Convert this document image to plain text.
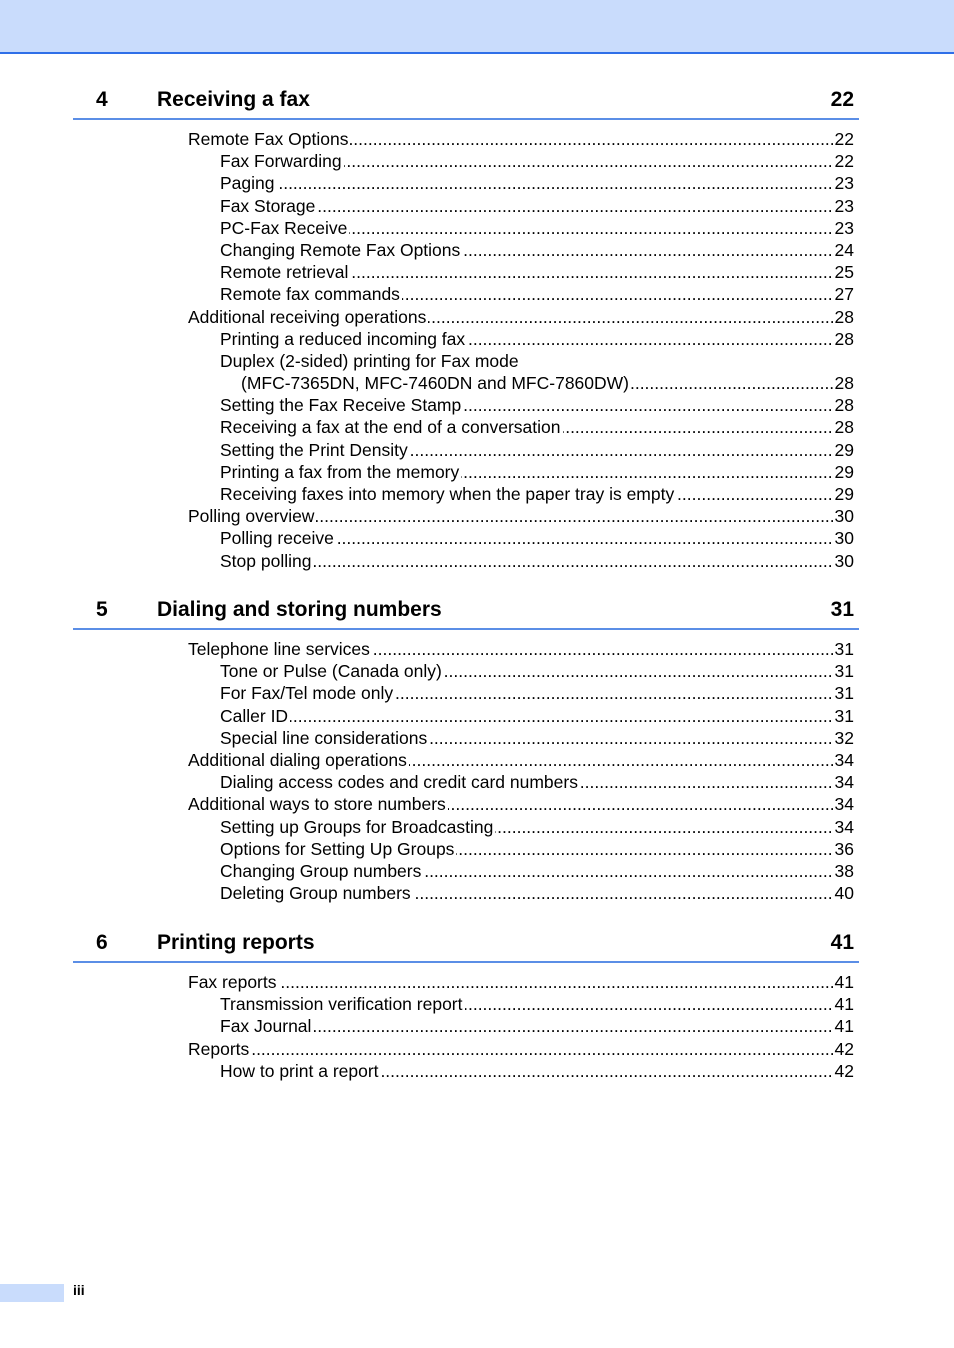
4 Receiving a fax	22
.....
Remote Fax Options	22
.....
Fax Forwarding	22
.....
Paging	23
.....
Fax Storage	23
.....
PC-Fax Receive	23
.....
Changing Remote Fax Options	24
.....
Remote retrieval	25
.....
Remote fax commands	27
.....
Additional receiving operations	28
.....
Printing a reduced incoming fax	28
Duplex (2-sided) printing for Fax mode
.....
(MFC-7365DN, MFC-7460DN and MFC-7860DW)	28
.....
Setting the Fax Receive Stamp	28
.....
Receiving a fax at the end of a conversation	28
.....
Setting the Print Density	29
.....
Printing a fax from the memory	29
.....
Receiving faxes into memory when the paper tray is empty	29
.....
Polling overview	30
.....
Polling receive	30
.....
Stop polling	30
5 Dialing and storing numbers	31
.....
Telephone line services	31
.....
Tone or Pulse (Canada only)	31
.....
For Fax/Tel mode only	31
.....
Caller ID	31
.....
Special line considerations	32
.....
Additional dialing operations	34
.....
Dialing access codes and credit card numbers	34
.....
Additional ways to store numbers	34
.....
Setting up Groups for Broadcasting	34
.....
Options for Setting Up Groups	36
.....
Changing Group numbers	38
.....
Deleting Group numbers	40
6 Printing reports	41
.....
Fax reports	41
.....
Transmission verification report	41
.....
Fax Journal	41
.....
Reports	42
.....
How to print a report	42
iii
